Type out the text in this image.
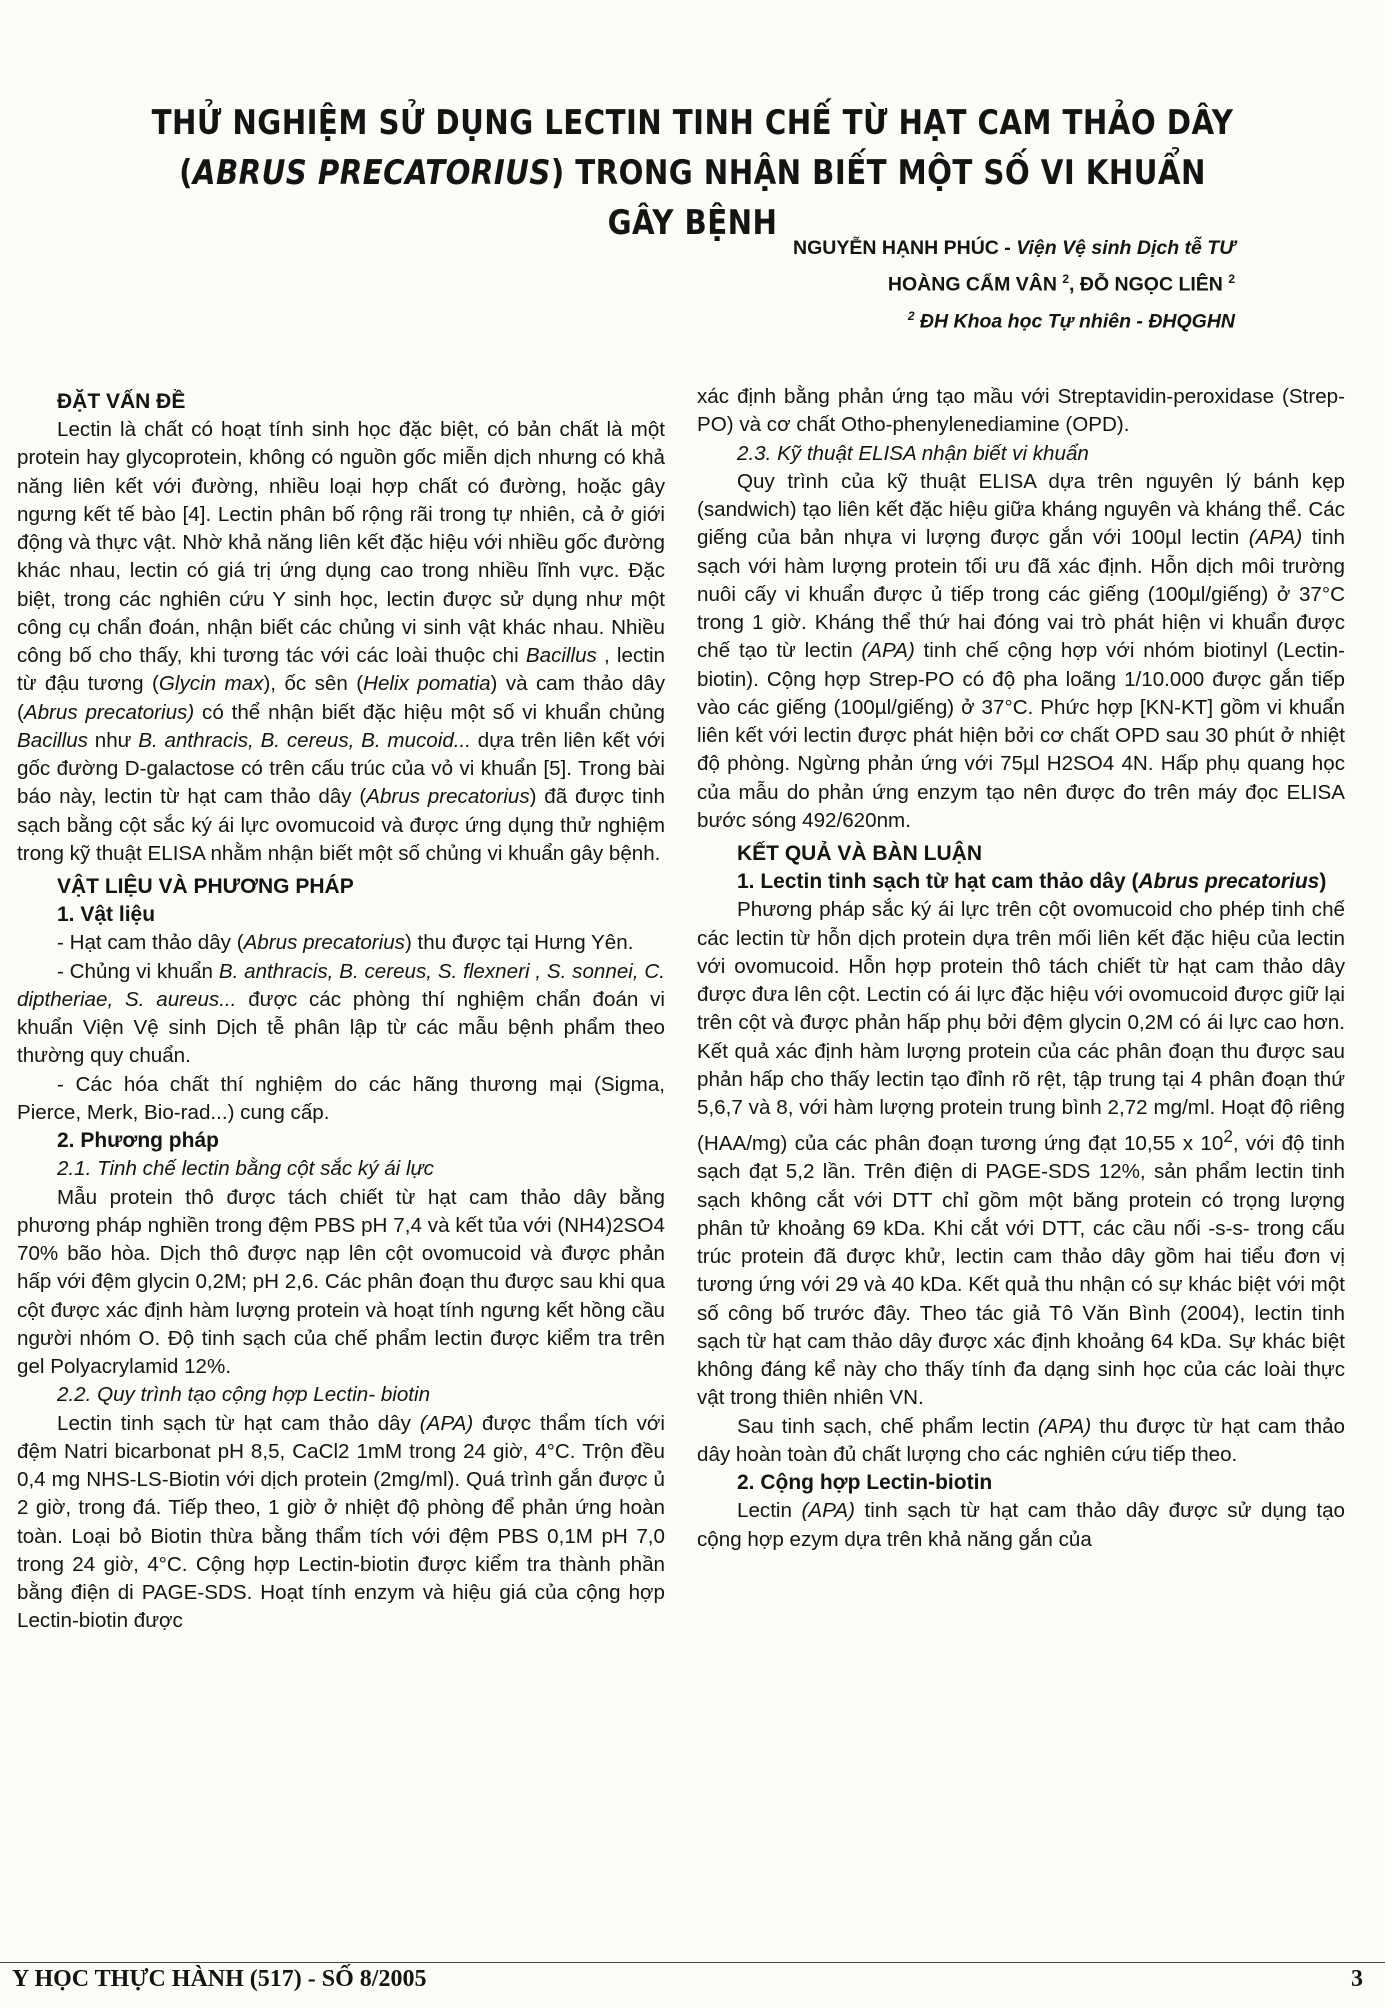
THỬ NGHIỆM SỬ DỤNG LECTIN TINH CHẾ TỪ HẠT CAM THẢO DÂY
(ABRUS PRECATORIUS) TRONG NHẬN BIẾT MỘT SỐ VI KHUẨN GÂY BỆNH
NGUYỄN HẠNH PHÚC - Viện Vệ sinh Dịch tễ TƯ
HOÀNG CẨM VÂN $^2$, ĐỖ NGỌC LIÊN $^2$
$^2$ ĐH Khoa học Tự nhiên - ĐHQGHN
ĐẶT VẤN ĐỀ

Lectin là chất có hoạt tính sinh học đặc biệt, có bản chất là một protein hay glycoprotein, không có nguồn gốc miễn dịch nhưng có khả năng liên kết với đường, nhiều loại hợp chất có đường, hoặc gây ngưng kết tế bào [4]. Lectin phân bố rộng rãi trong tự nhiên, cả ở giới động và thực vật. Nhờ khả năng liên kết đặc hiệu với nhiều gốc đường khác nhau, lectin có giá trị ứng dụng cao trong nhiều lĩnh vực. Đặc biệt, trong các nghiên cứu Y sinh học, lectin được sử dụng như một công cụ chẩn đoán, nhận biết các chủng vi sinh vật khác nhau. Nhiều công bố cho thấy, khi tương tác với các loài thuộc chi Bacillus , lectin từ đậu tương (Glycin max), ốc sên (Helix pomatia) và cam thảo dây (Abrus precatorius) có thể nhận biết đặc hiệu một số vi khuẩn chủng Bacillus như B. anthracis, B. cereus, B. mucoid... dựa trên liên kết với gốc đường D-galactose có trên cấu trúc của vỏ vi khuẩn [5]. Trong bài báo này, lectin từ hạt cam thảo dây (Abrus precatorius) đã được tinh sạch bằng cột sắc ký ái lực ovomucoid và được ứng dụng thử nghiệm trong kỹ thuật ELISA nhằm nhận biết một số chủng vi khuẩn gây bệnh.

VẬT LIỆU VÀ PHƯƠNG PHÁP
1. Vật liệu

- Hạt cam thảo dây (Abrus precatorius) thu được tại Hưng Yên.

- Chủng vi khuẩn B. anthracis, B. cereus, S. flexneri , S. sonnei, C. diptheriae, S. aureus... được các phòng thí nghiệm chẩn đoán vi khuẩn Viện Vệ sinh Dịch tễ phân lập từ các mẫu bệnh phẩm theo thường quy chuẩn.

- Các hóa chất thí nghiệm do các hãng thương mại (Sigma, Pierce, Merk, Bio-rad...) cung cấp.

2. Phương pháp

2.1. Tinh chế lectin bằng cột sắc ký ái lực

Mẫu protein thô được tách chiết từ hạt cam thảo dây bằng phương pháp nghiền trong đệm PBS pH 7,4 và kết tủa với (NH4)2SO4 70% bão hòa. Dịch thô được nạp lên cột ovomucoid và được phản hấp với đệm glycin 0,2M; pH 2,6. Các phân đoạn thu được sau khi qua cột được xác định hàm lượng protein và hoạt tính ngưng kết hồng cầu người nhóm O. Độ tinh sạch của chế phẩm lectin được kiểm tra trên gel Polyacrylamid 12%.

2.2. Quy trình tạo cộng hợp Lectin- biotin

Lectin tinh sạch từ hạt cam thảo dây (APA) được thẩm tích với đệm Natri bicarbonat pH 8,5, CaCl2 1mM trong 24 giờ, 4°C. Trộn đều 0,4 mg NHS-LS-Biotin với dịch protein (2mg/ml). Quá trình gắn được ủ 2 giờ, trong đá. Tiếp theo, 1 giờ ở nhiệt độ phòng để phản ứng hoàn toàn. Loại bỏ Biotin thừa bằng thẩm tích với đệm PBS 0,1M pH 7,0 trong 24 giờ, 4°C. Cộng hợp Lectin-biotin được kiểm tra thành phần bằng điện di PAGE-SDS. Hoạt tính enzym và hiệu giá của cộng hợp Lectin-biotin được

xác định bằng phản ứng tạo mầu với Streptavidin-peroxidase (Strep-PO) và cơ chất Otho-phenylenediamine (OPD).

2.3. Kỹ thuật ELISA nhận biết vi khuẩn

Quy trình của kỹ thuật ELISA dựa trên nguyên lý bánh kẹp (sandwich) tạo liên kết đặc hiệu giữa kháng nguyên và kháng thể. Các giếng của bản nhựa vi lượng được gắn với 100µl lectin (APA) tinh sạch với hàm lượng protein tối ưu đã xác định. Hỗn dịch môi trường nuôi cấy vi khuẩn được ủ tiếp trong các giếng (100µl/giếng) ở 37°C trong 1 giờ. Kháng thể thứ hai đóng vai trò phát hiện vi khuẩn được chế tạo từ lectin (APA) tinh chế cộng hợp với nhóm biotinyl (Lectin-biotin). Cộng hợp Strep-PO có độ pha loãng 1/10.000 được gắn tiếp vào các giếng (100µl/giếng) ở 37°C. Phức hợp [KN-KT] gồm vi khuẩn liên kết với lectin được phát hiện bởi cơ chất OPD sau 30 phút ở nhiệt độ phòng. Ngừng phản ứng với 75µl H2SO4 4N. Hấp phụ quang học của mẫu do phản ứng enzym tạo nên được đo trên máy đọc ELISA bước sóng 492/620nm.

KẾT QUẢ VÀ BÀN LUẬN
1. Lectin tinh sạch từ hạt cam thảo dây (Abrus precatorius)

Phương pháp sắc ký ái lực trên cột ovomucoid cho phép tinh chế các lectin từ hỗn dịch protein dựa trên mối liên kết đặc hiệu của lectin với ovomucoid. Hỗn hợp protein thô tách chiết từ hạt cam thảo dây được đưa lên cột. Lectin có ái lực đặc hiệu với ovomucoid được giữ lại trên cột và được phản hấp phụ bởi đệm glycin 0,2M có ái lực cao hơn. Kết quả xác định hàm lượng protein của các phân đoạn thu được sau phản hấp cho thấy lectin tạo đỉnh rõ rệt, tập trung tại 4 phân đoạn thứ 5,6,7 và 8, với hàm lượng protein trung bình 2,72 mg/ml. Hoạt độ riêng (HAA/mg) của các phân đoạn tương ứng đạt 10,55 x $10^2$, với độ tinh sạch đạt 5,2 lần. Trên điện di PAGE-SDS 12%, sản phẩm lectin tinh sạch không cắt với DTT chỉ gồm một băng protein có trọng lượng phân tử khoảng 69 kDa. Khi cắt với DTT, các cầu nối -s-s- trong cấu trúc protein đã được khử, lectin cam thảo dây gồm hai tiểu đơn vị tương ứng với 29 và 40 kDa. Kết quả thu nhận có sự khác biệt với một số công bố trước đây. Theo tác giả Tô Văn Bình (2004), lectin tinh sạch từ hạt cam thảo dây được xác định khoảng 64 kDa. Sự khác biệt không đáng kể này cho thấy tính đa dạng sinh học của các loài thực vật trong thiên nhiên VN.

Sau tinh sạch, chế phẩm lectin (APA) thu được từ hạt cam thảo dây hoàn toàn đủ chất lượng cho các nghiên cứu tiếp theo.

2. Cộng hợp Lectin-biotin

Lectin (APA) tinh sạch từ hạt cam thảo dây được sử dụng tạo cộng hợp ezym dựa trên khả năng gắn của

Y HỌC THỰC HÀNH (517) - SỐ 8/2005	3
